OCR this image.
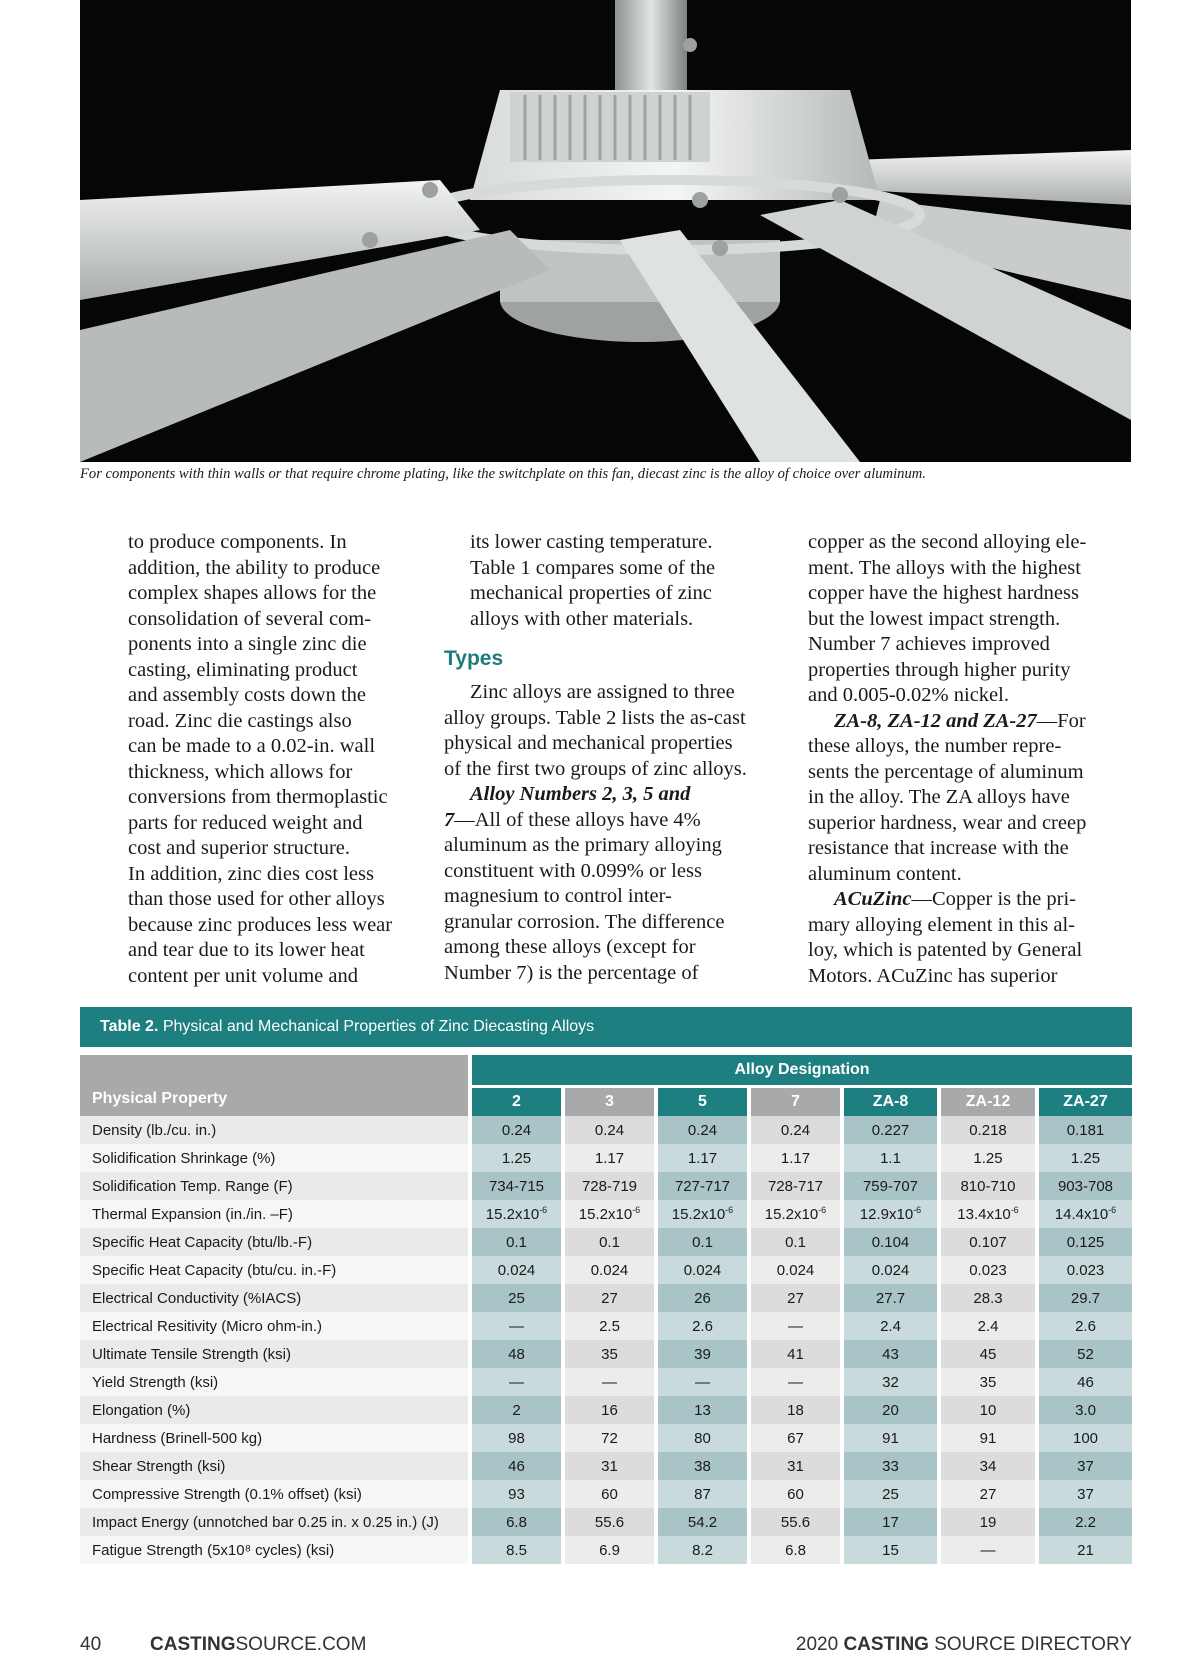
For components with thin walls or that require chrome plating, like the switchplate on this fan, diecast zinc is the alloy of choice over aluminum.
to produce components. In
addition, the ability to produce
complex shapes allows for the
consolidation of several com-
ponents into a single zinc die
casting, eliminating product
and assembly costs down the
road. Zinc die castings also
can be made to a 0.02-in. wall
thickness, which allows for
conversions from thermoplastic
parts for reduced weight and
cost and superior structure.
In addition, zinc dies cost less
than those used for other alloys
because zinc produces less wear
and tear due to its lower heat
content per unit volume and
its lower casting temperature.
Table 1 compares some of the
mechanical properties of zinc
alloys with other materials.
Types
Zinc alloys are assigned to three
alloy groups. Table 2 lists the as-cast
physical and mechanical properties
of the first two groups of zinc alloys.
Alloy Numbers 2, 3, 5 and
7—All of these alloys have 4%
aluminum as the primary alloying
constituent with 0.099% or less
magnesium to control inter-
granular corrosion. The difference
among these alloys (except for
Number 7) is the percentage of
copper as the second alloying ele-
ment. The alloys with the highest
copper have the highest hardness
but the lowest impact strength.
Number 7 achieves improved
properties through higher purity
and 0.005-0.02% nickel.
ZA-8, ZA-12 and ZA-27—For
these alloys, the number repre-
sents the percentage of aluminum
in the alloy. The ZA alloys have
superior hardness, wear and creep
resistance that increase with the
aluminum content.
ACuZinc—Copper is the pri-
mary alloying element in this al-
loy, which is patented by General
Motors. ACuZinc has superior
Table 2. Physical and Mechanical Properties of Zinc Diecasting Alloys
Physical Property	Alloy Designation						
	2	3	5	7	ZA-8	ZA-12	ZA-27
Density (lb./cu. in.)	0.24	0.24	0.24	0.24	0.227	0.218	0.181
Solidification Shrinkage (%)	1.25	1.17	1.17	1.17	1.1	1.25	1.25
Solidification Temp. Range (F)	734-715	728-719	727-717	728-717	759-707	810-710	903-708
Thermal Expansion (in./in. –F)	$15.2x10^{-6}$	$15.2x10^{-6}$	$15.2x10^{-6}$	$15.2x10^{-6}$	$12.9x10^{-6}$	$13.4x10^{-6}$	$14.4x10^{-6}$
Specific Heat Capacity (btu/lb.-F)	0.1	0.1	0.1	0.1	0.104	0.107	0.125
Specific Heat Capacity (btu/cu. in.-F)	0.024	0.024	0.024	0.024	0.024	0.023	0.023
Electrical Conductivity (%IACS)	25	27	26	27	27.7	28.3	29.7
Electrical Resitivity (Micro ohm-in.)	—	2.5	2.6	—	2.4	2.4	2.6
Ultimate Tensile Strength (ksi)	48	35	39	41	43	45	52
Yield Strength (ksi)	—	—	—	—	32	35	46
Elongation (%)	2	16	13	18	20	10	3.0
Hardness (Brinell-500 kg)	98	72	80	67	91	91	100
Shear Strength (ksi)	46	31	38	31	33	34	37
Compressive Strength (0.1% offset) (ksi)	93	60	87	60	25	27	37
Impact Energy (unnotched bar 0.25 in. x 0.25 in.) (J)	6.8	55.6	54.2	55.6	17	19	2.2
Fatigue Strength (5x10⁸ cycles) (ksi)	8.5	6.9	8.2	6.8	15	—	21
40	CASTINGSOURCE.COM	2020 CASTING SOURCE DIRECTORY
